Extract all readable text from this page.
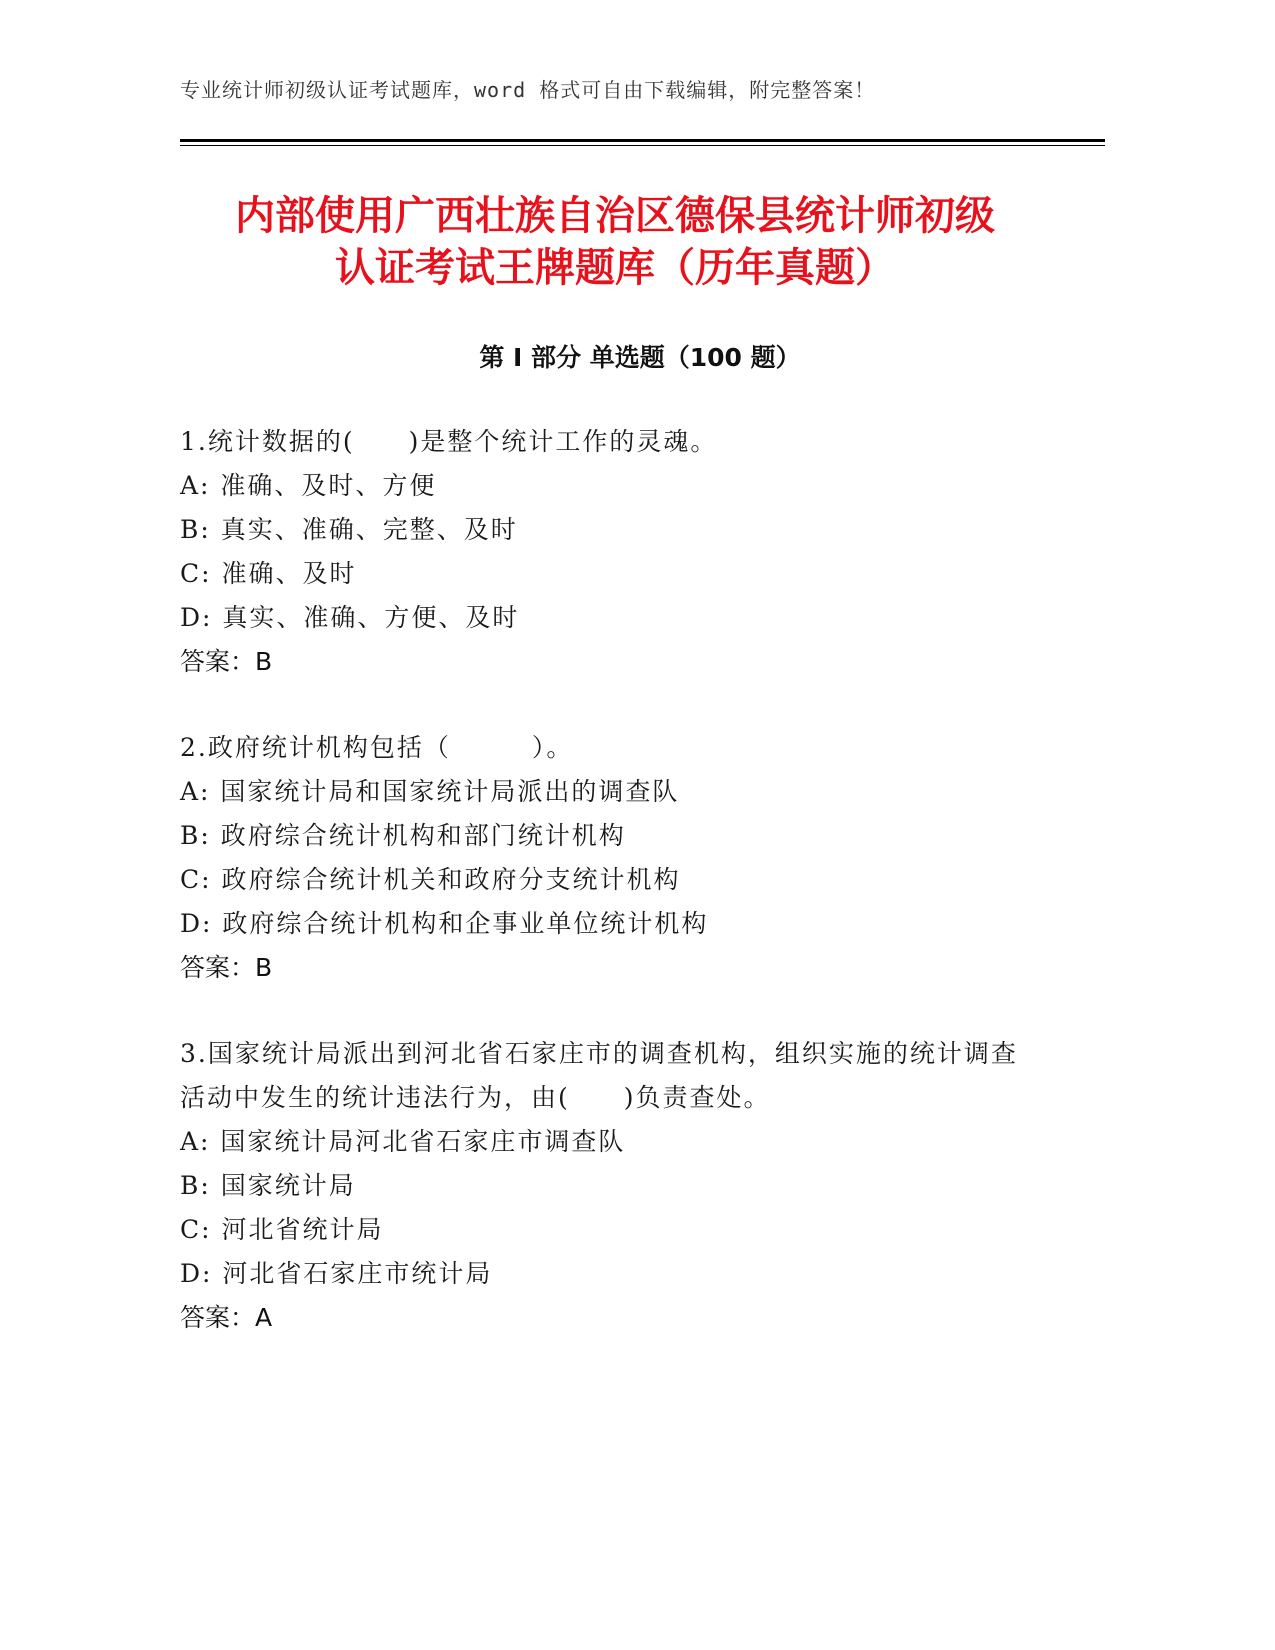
专业统计师初级认证考试题库，word 格式可自由下载编辑，附完整答案！
内部使用广西壮族自治区德保县统计师初级
认证考试王牌题库（历年真题）
第 I 部分 单选题（100 题）
1.统计数据的(　　)是整个统计工作的灵魂。
A: 准确、及时、方便
B: 真实、准确、完整、及时
C: 准确、及时
D: 真实、准确、方便、及时
答案：B
2.政府统计机构包括（　　　）。
A: 国家统计局和国家统计局派出的调查队
B: 政府综合统计机构和部门统计机构
C: 政府综合统计机关和政府分支统计机构
D: 政府综合统计机构和企事业单位统计机构
答案：B
3.国家统计局派出到河北省石家庄市的调查机构，组织实施的统计调查活动中发生的统计违法行为，由(　　)负责查处。
A: 国家统计局河北省石家庄市调查队
B: 国家统计局
C: 河北省统计局
D: 河北省石家庄市统计局
答案：A
